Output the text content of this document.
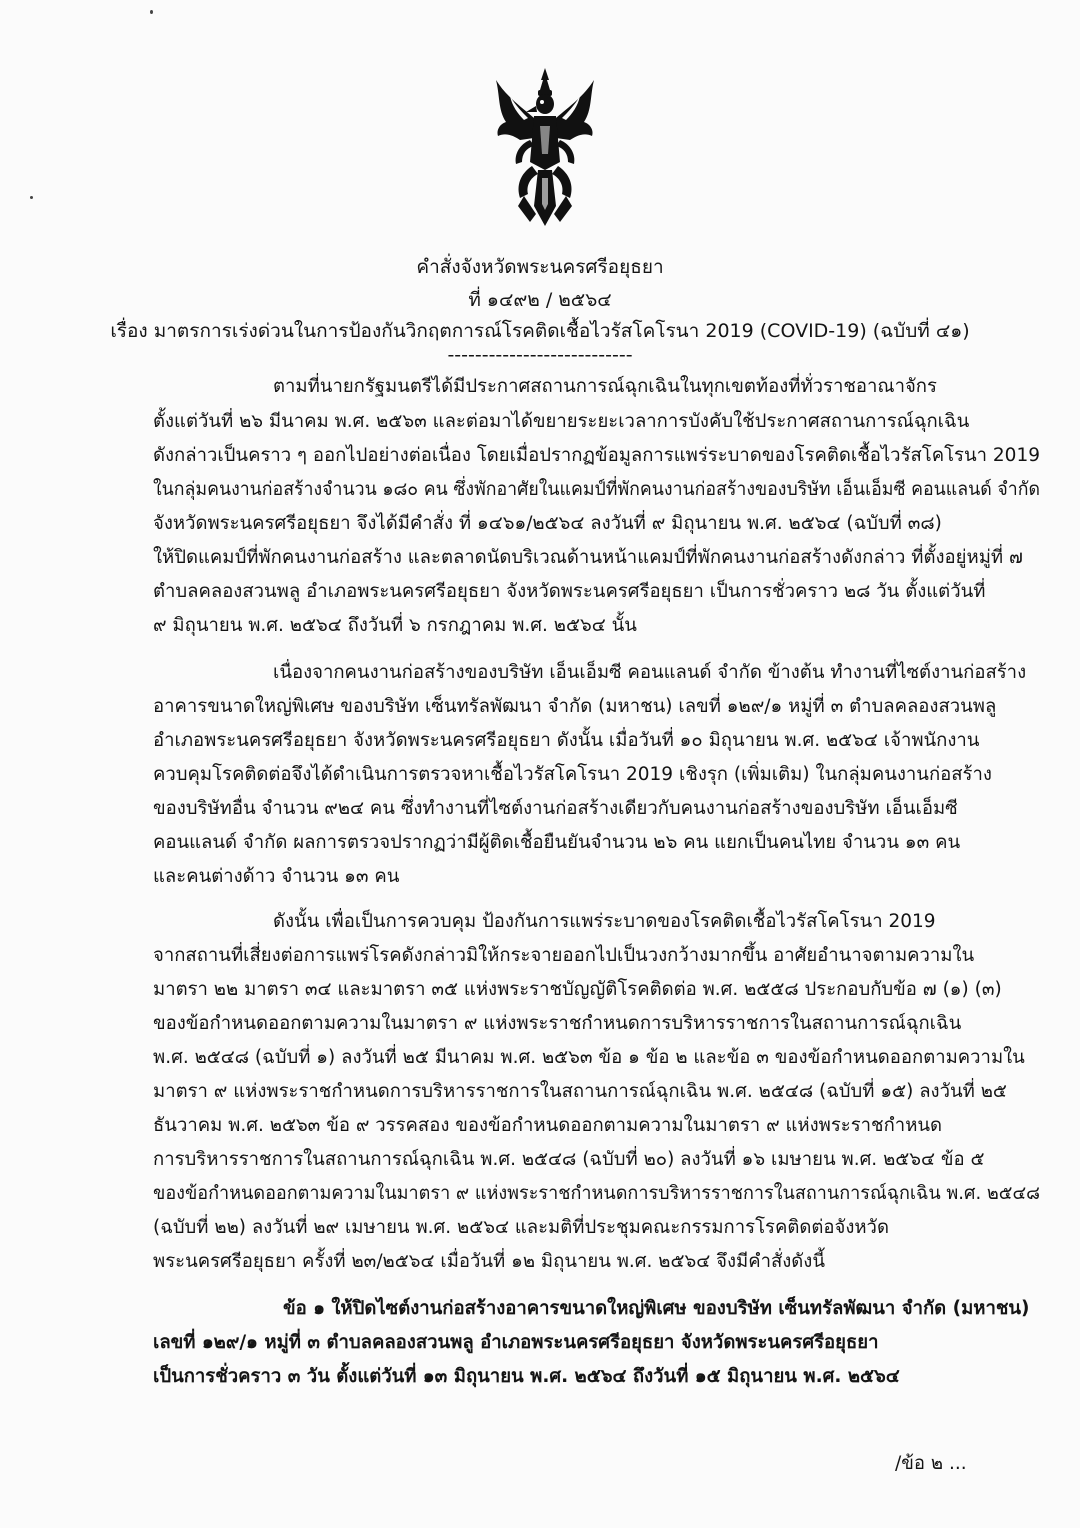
คำสั่งจังหวัดพระนครศรีอยุธยา
ที่ ๑๔๙๒ / ๒๕๖๔
เรื่อง มาตรการเร่งด่วนในการป้องกันวิกฤตการณ์โรคติดเชื้อไวรัสโคโรนา 2019 (COVID-19) (ฉบับที่ ๔๑)
---------------------------
ตามที่นายกรัฐมนตรีได้มีประกาศสถานการณ์ฉุกเฉินในทุกเขตท้องที่ทั่วราชอาณาจักร
ตั้งแต่วันที่ ๒๖ มีนาคม พ.ศ. ๒๕๖๓ และต่อมาได้ขยายระยะเวลาการบังคับใช้ประกาศสถานการณ์ฉุกเฉิน
ดังกล่าวเป็นคราว ๆ ออกไปอย่างต่อเนื่อง โดยเมื่อปรากฏข้อมูลการแพร่ระบาดของโรคติดเชื้อไวรัสโคโรนา 2019
ในกลุ่มคนงานก่อสร้างจำนวน ๑๘๐ คน ซึ่งพักอาศัยในแคมป์ที่พักคนงานก่อสร้างของบริษัท เอ็นเอ็มซี คอนแลนด์ จำกัด
จังหวัดพระนครศรีอยุธยา จึงได้มีคำสั่ง ที่ ๑๔๖๑/๒๕๖๔ ลงวันที่ ๙ มิถุนายน พ.ศ. ๒๕๖๔ (ฉบับที่ ๓๘)
ให้ปิดแคมป์ที่พักคนงานก่อสร้าง และตลาดนัดบริเวณด้านหน้าแคมป์ที่พักคนงานก่อสร้างดังกล่าว ที่ตั้งอยู่หมู่ที่ ๗
ตำบลคลองสวนพลู อำเภอพระนครศรีอยุธยา จังหวัดพระนครศรีอยุธยา เป็นการชั่วคราว ๒๘ วัน ตั้งแต่วันที่
๙ มิถุนายน พ.ศ. ๒๕๖๔ ถึงวันที่ ๖ กรกฎาคม พ.ศ. ๒๕๖๔ นั้น
เนื่องจากคนงานก่อสร้างของบริษัท เอ็นเอ็มซี คอนแลนด์ จำกัด ข้างต้น ทำงานที่ไซต์งานก่อสร้าง
อาคารขนาดใหญ่พิเศษ ของบริษัท เซ็นทรัลพัฒนา จำกัด (มหาชน) เลขที่ ๑๒๙/๑ หมู่ที่ ๓ ตำบลคลองสวนพลู
อำเภอพระนครศรีอยุธยา จังหวัดพระนครศรีอยุธยา ดังนั้น เมื่อวันที่ ๑๐ มิถุนายน พ.ศ. ๒๕๖๔ เจ้าพนักงาน
ควบคุมโรคติดต่อจึงได้ดำเนินการตรวจหาเชื้อไวรัสโคโรนา 2019 เชิงรุก (เพิ่มเติม) ในกลุ่มคนงานก่อสร้าง
ของบริษัทอื่น จำนวน ๙๒๔ คน ซึ่งทำงานที่ไซต์งานก่อสร้างเดียวกับคนงานก่อสร้างของบริษัท เอ็นเอ็มซี
คอนแลนด์ จำกัด ผลการตรวจปรากฏว่ามีผู้ติดเชื้อยืนยันจำนวน ๒๖ คน แยกเป็นคนไทย จำนวน ๑๓ คน
และคนต่างด้าว จำนวน ๑๓ คน
ดังนั้น เพื่อเป็นการควบคุม ป้องกันการแพร่ระบาดของโรคติดเชื้อไวรัสโคโรนา 2019
จากสถานที่เสี่ยงต่อการแพร่โรคดังกล่าวมิให้กระจายออกไปเป็นวงกว้างมากขึ้น อาศัยอำนาจตามความใน
มาตรา ๒๒ มาตรา ๓๔ และมาตรา ๓๕ แห่งพระราชบัญญัติโรคติดต่อ พ.ศ. ๒๕๕๘ ประกอบกับข้อ ๗ (๑) (๓)
ของข้อกำหนดออกตามความในมาตรา ๙ แห่งพระราชกำหนดการบริหารราชการในสถานการณ์ฉุกเฉิน
พ.ศ. ๒๕๔๘ (ฉบับที่ ๑) ลงวันที่ ๒๕ มีนาคม พ.ศ. ๒๕๖๓ ข้อ ๑ ข้อ ๒ และข้อ ๓ ของข้อกำหนดออกตามความใน
มาตรา ๙ แห่งพระราชกำหนดการบริหารราชการในสถานการณ์ฉุกเฉิน พ.ศ. ๒๕๔๘ (ฉบับที่ ๑๕) ลงวันที่ ๒๕
ธันวาคม พ.ศ. ๒๕๖๓ ข้อ ๙ วรรคสอง ของข้อกำหนดออกตามความในมาตรา ๙ แห่งพระราชกำหนด
การบริหารราชการในสถานการณ์ฉุกเฉิน พ.ศ. ๒๕๔๘ (ฉบับที่ ๒๐) ลงวันที่ ๑๖ เมษายน พ.ศ. ๒๕๖๔ ข้อ ๕
ของข้อกำหนดออกตามความในมาตรา ๙ แห่งพระราชกำหนดการบริหารราชการในสถานการณ์ฉุกเฉิน พ.ศ. ๒๕๔๘
(ฉบับที่ ๒๒) ลงวันที่ ๒๙ เมษายน พ.ศ. ๒๕๖๔ และมติที่ประชุมคณะกรรมการโรคติดต่อจังหวัด
พระนครศรีอยุธยา ครั้งที่ ๒๓/๒๕๖๔ เมื่อวันที่ ๑๒ มิถุนายน พ.ศ. ๒๕๖๔ จึงมีคำสั่งดังนี้
ข้อ ๑ ให้ปิดไซต์งานก่อสร้างอาคารขนาดใหญ่พิเศษ ของบริษัท เซ็นทรัลพัฒนา จำกัด (มหาชน)
เลขที่ ๑๒๙/๑ หมู่ที่ ๓ ตำบลคลองสวนพลู อำเภอพระนครศรีอยุธยา จังหวัดพระนครศรีอยุธยา
เป็นการชั่วคราว ๓ วัน ตั้งแต่วันที่ ๑๓ มิถุนายน พ.ศ. ๒๕๖๔ ถึงวันที่ ๑๕ มิถุนายน พ.ศ. ๒๕๖๔
/ข้อ ๒ ...
